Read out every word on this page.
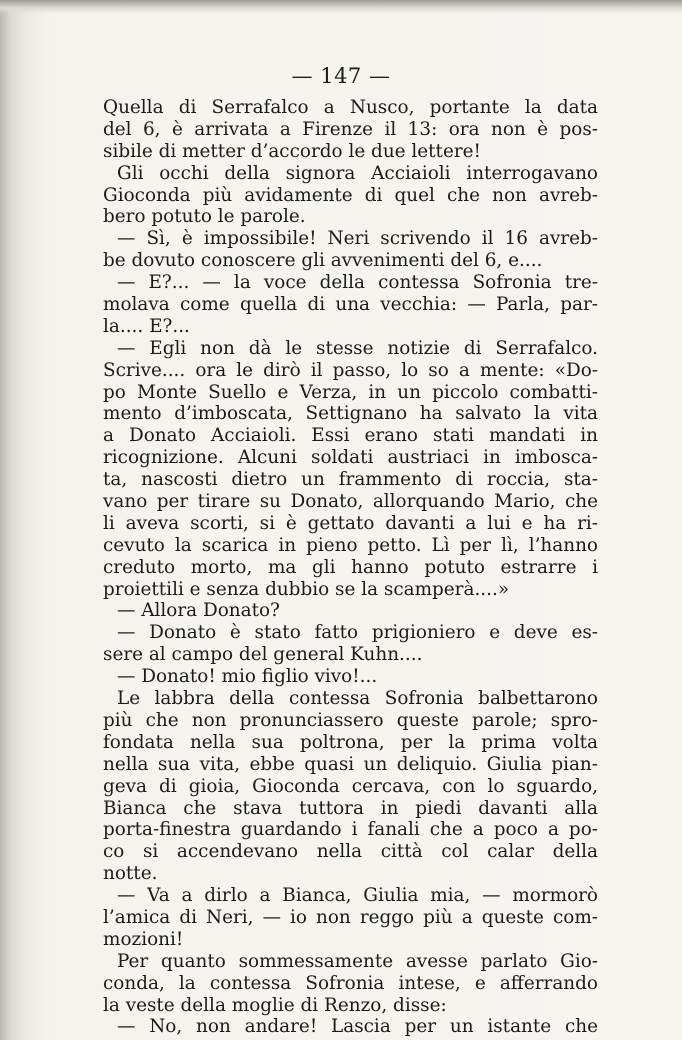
— 147 —
Quella di Serrafalco a Nusco, portante la data
del 6, è arrivata a Firenze il 13: ora non è pos-
sibile di metter d’accordo le due lettere!
Gli occhi della signora Acciaioli interrogavano
Gioconda più avidamente di quel che non avreb-
bero potuto le parole.
— Sì, è impossibile! Neri scrivendo il 16 avreb-
be dovuto conoscere gli avvenimenti del 6, e....
— E?... — la voce della contessa Sofronia tre-
molava come quella di una vecchia: — Parla, par-
la.... E?...
— Egli non dà le stesse notizie di Serrafalco.
Scrive.... ora le dirò il passo, lo so a mente: «Do-
po Monte Suello e Verza, in un piccolo combatti-
mento d’imboscata, Settignano ha salvato la vita
a Donato Acciaioli. Essi erano stati mandati in
ricognizione. Alcuni soldati austriaci in imbosca-
ta, nascosti dietro un frammento di roccia, sta-
vano per tirare su Donato, allorquando Mario, che
li aveva scorti, si è gettato davanti a lui e ha ri-
cevuto la scarica in pieno petto. Lì per lì, l’hanno
creduto morto, ma gli hanno potuto estrarre i
proiettili e senza dubbio se la scamperà....»
— Allora Donato?
— Donato è stato fatto prigioniero e deve es-
sere al campo del general Kuhn....
— Donato! mio figlio vivo!...
Le labbra della contessa Sofronia balbettarono
più che non pronunciassero queste parole; spro-
fondata nella sua poltrona, per la prima volta
nella sua vita, ebbe quasi un deliquio. Giulia pian-
geva di gioia, Gioconda cercava, con lo sguardo,
Bianca che stava tuttora in piedi davanti alla
porta-finestra guardando i fanali che a poco a po-
co si accendevano nella città col calar della
notte.
— Va a dirlo a Bianca, Giulia mia, — mormorò
l’amica di Neri, — io non reggo più a queste com-
mozioni!
Per quanto sommessamente avesse parlato Gio-
conda, la contessa Sofronia intese, e afferrando
la veste della moglie di Renzo, disse:
— No, non andare! Lascia per un istante che
